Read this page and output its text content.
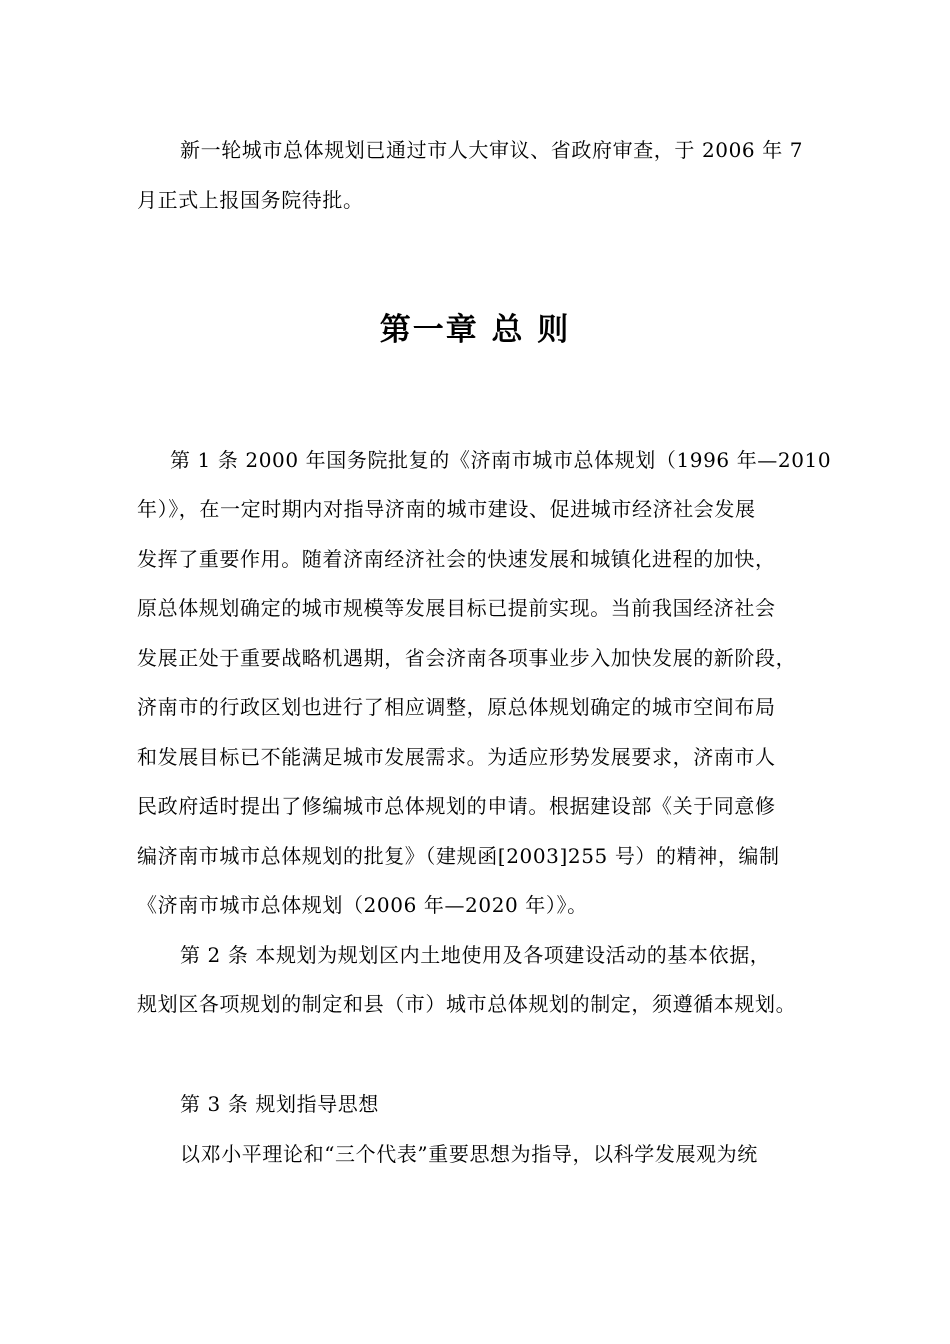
新一轮城市总体规划已通过市人大审议、省政府审查，于 2006 年 7
月正式上报国务院待批。
第一章 总 则
第 1 条 2000 年国务院批复的《济南市城市总体规划（1996 年—2010
年）》，在一定时期内对指导济南的城市建设、促进城市经济社会发展
发挥了重要作用。随着济南经济社会的快速发展和城镇化进程的加快，
原总体规划确定的城市规模等发展目标已提前实现。当前我国经济社会
发展正处于重要战略机遇期，省会济南各项事业步入加快发展的新阶段，
济南市的行政区划也进行了相应调整，原总体规划确定的城市空间布局
和发展目标已不能满足城市发展需求。为适应形势发展要求，济南市人
民政府适时提出了修编城市总体规划的申请。根据建设部《关于同意修
编济南市城市总体规划的批复》（建规函[2003]255 号）的精神，编制
《济南市城市总体规划（2006 年—2020 年）》。
第 2 条 本规划为规划区内土地使用及各项建设活动的基本依据，
规划区各项规划的制定和县（市）城市总体规划的制定，须遵循本规划。
第 3 条 规划指导思想
以邓小平理论和“三个代表”重要思想为指导，以科学发展观为统
